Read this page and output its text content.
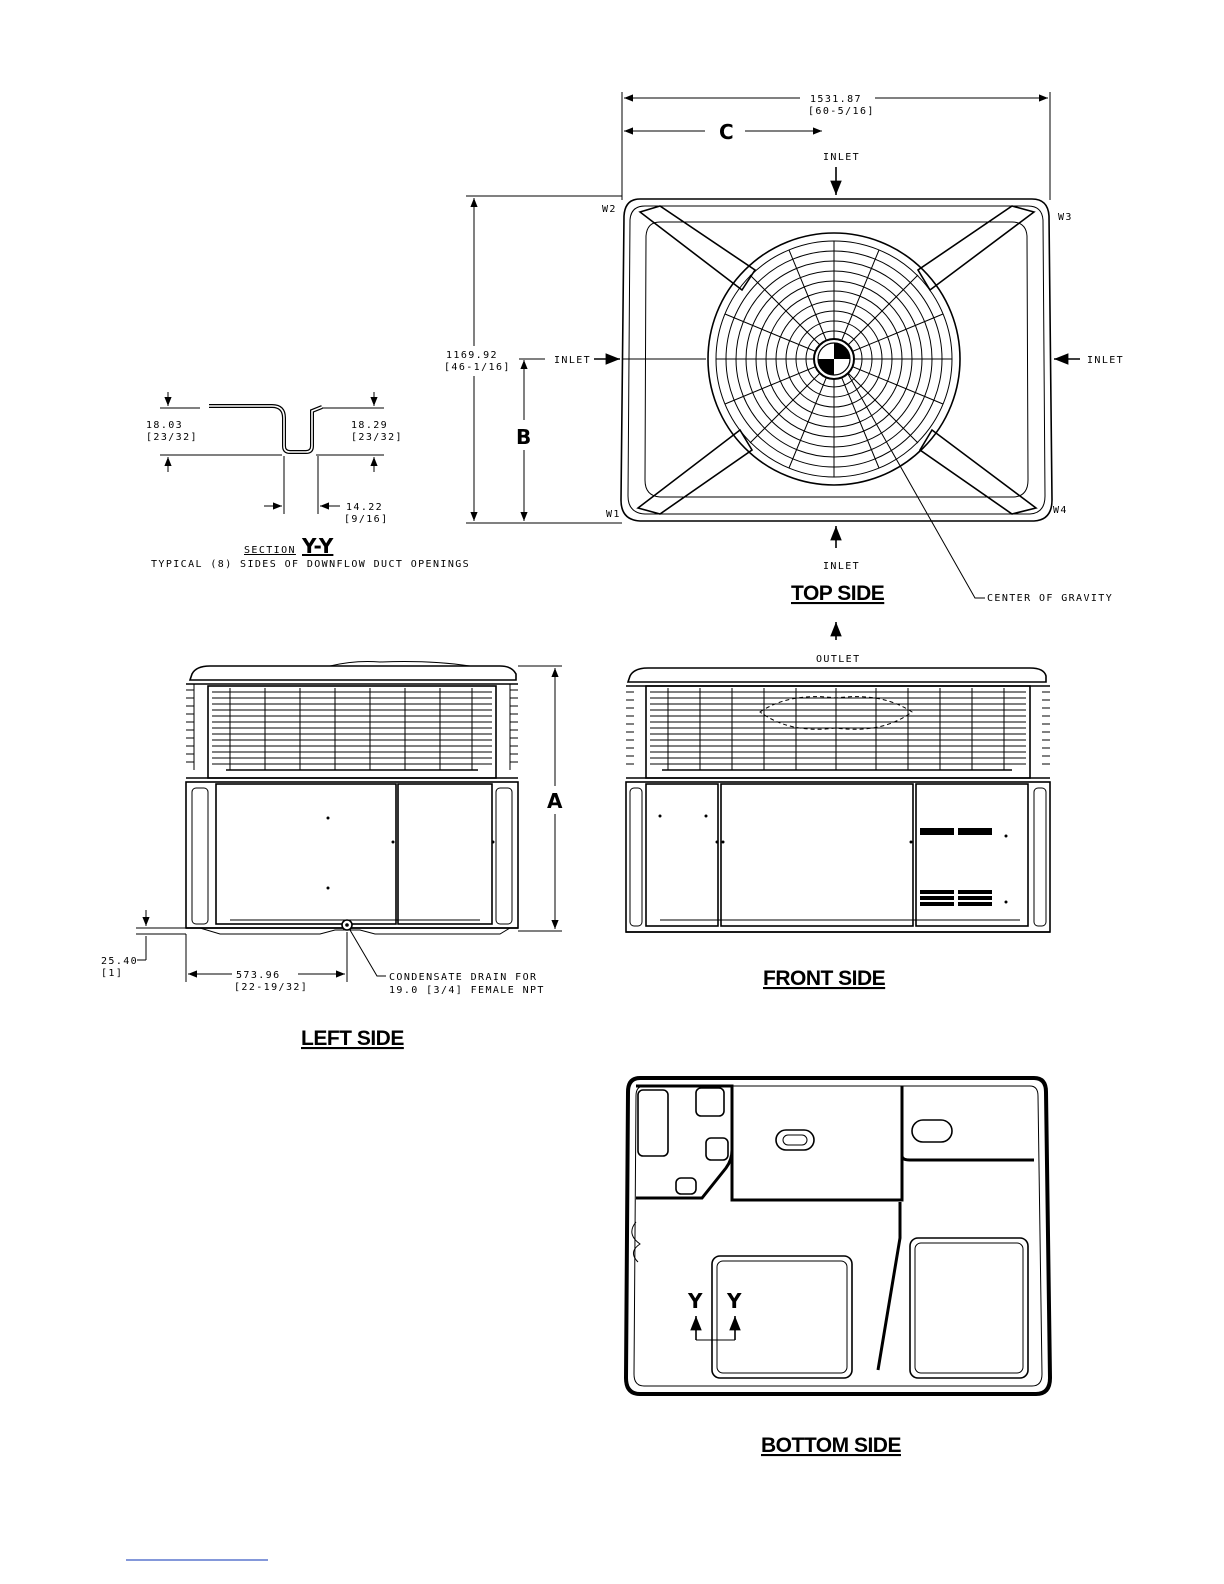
1531.87
[60-5/16]
C
INLET
1169.92
[46-1/16]
B
INLET	INLET
INLET
W2
W3
W1	W4
CENTER OF GRAVITY
TOP SIDE
18.03
[23/32]
18.29
[23/32]
14.22
[9/16]
SECTION Y-Y
TYPICAL (8) SIDES OF DOWNFLOW DUCT OPENINGS
A
25.40
[1]	573.96
[22-19/32]
CONDENSATE DRAIN FOR
19.0 [3/4] FEMALE NPT
LEFT SIDE
OUTLET
FRONT SIDE
Y Y
BOTTOM SIDE
